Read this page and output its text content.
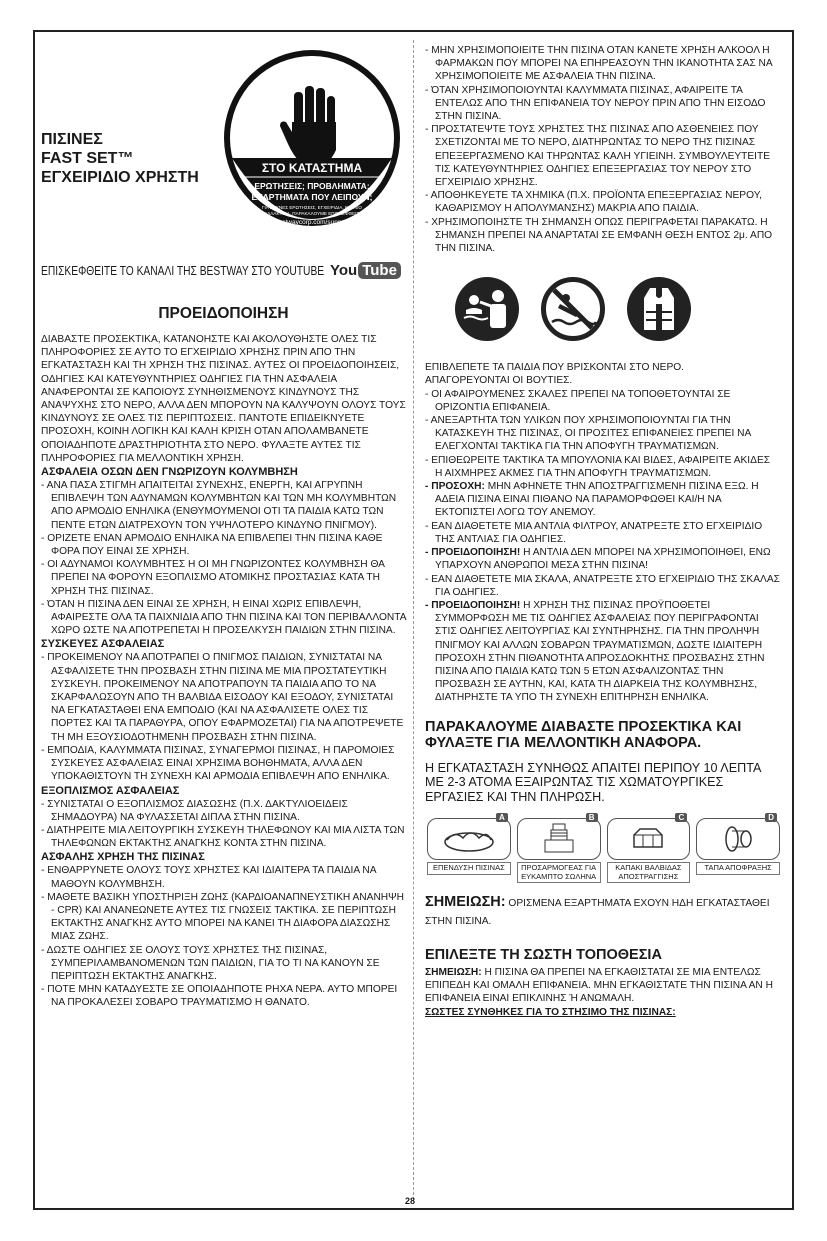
ΠΙΣΙΝΕΣ
FAST SET™
ΕΓΧΕΙΡΙΔΙΟ ΧΡΗΣΤΗ
ΜΗΝ ΕΠΙΣΤΡΕΦΕΤΕ
ΣΤΟ ΚΑΤΑΣΤΗΜΑ
ΕΡΩΤΗΣΕΙΣ; ΠΡΟΒΛΗΜΑΤΑ;
ΕΞΑΡΤΗΜΑΤΑ ΠΟΥ ΛΕΙΠΟΥΝ;
ΓΙΑ ΣΥΧΝΕΣ ΕΡΩΤΗΣΕΙΣ, ΕΓΧΕΙΡΙΔΙΑ, ΒΙΝΤΕΟ
Η ΑΝΤΑΛΛΑΚΤΙΚΑ, ΠΑΡΑΚΑΛΟΥΜΕ ΕΠΙΣΚΕΦΘΕΙΤΕ ΤΗΝ
bestwaycorp.com/support
ΕΠΙΣΚΕΦΘΕΙΤΕ ΤΟ ΚΑΝΑΛΙ ΤΗΣ BESTWAY ΣΤΟ YOUTUBE You Tube
ΠΡΟΕΙΔΟΠΟΙΗΣΗ

ΔΙΑΒΑΣΤΕ ΠΡΟΣΕΚΤΙΚΑ, ΚΑΤΑΝΟΗΣΤΕ ΚΑΙ ΑΚΟΛΟΥΘΗΣΤΕ ΟΛΕΣ ΤΙΣ ΠΛΗΡΟΦΟΡΙΕΣ ΣΕ ΑΥΤΟ ΤΟ ΕΓΧΕΙΡΙΔΙΟ ΧΡΗΣΗΣ ΠΡΙΝ ΑΠΟ ΤΗΝ ΕΓΚΑΤΑΣΤΑΣΗ ΚΑΙ ΤΗ ΧΡΗΣΗ ΤΗΣ ΠΙΣΙΝΑΣ. ΑΥΤΕΣ ΟΙ ΠΡΟΕΙΔΟΠΟΙΗΣΕΙΣ, ΟΔΗΓΙΕΣ ΚΑΙ ΚΑΤΕΥΘΥΝΤΗΡΙΕΣ ΟΔΗΓΙΕΣ ΓΙΑ ΤΗΝ ΑΣΦΑΛΕΙΑ ΑΝΑΦΕΡΟΝΤΑΙ ΣΕ ΚΑΠΟΙΟΥΣ ΣΥΝΗΘΙΣΜΕΝΟΥΣ ΚΙΝΔΥΝΟΥΣ ΤΗΣ ΑΝΑΨΥΧΗΣ ΣΤΟ ΝΕΡΟ, ΑΛΛΑ ΔΕΝ ΜΠΟΡΟΥΝ ΝΑ ΚΑΛΥΨΟΥΝ ΟΛΟΥΣ ΤΟΥΣ ΚΙΝΔΥΝΟΥΣ ΣΕ ΟΛΕΣ ΤΙΣ ΠΕΡΙΠΤΩΣΕΙΣ. ΠΑΝΤΟΤΕ ΕΠΙΔΕΙΚΝΥΕΤΕ ΠΡΟΣΟΧΗ, ΚΟΙΝΗ ΛΟΓΙΚΗ ΚΑΙ ΚΑΛΗ ΚΡΙΣΗ ΟΤΑΝ ΑΠΟΛΑΜΒΑΝΕΤΕ ΟΠΟΙΑΔΗΠΟΤΕ ΔΡΑΣΤΗΡΙΟΤΗΤΑ ΣΤΟ ΝΕΡΟ. ΦΥΛΑΞΤΕ ΑΥΤΕΣ ΤΙΣ ΠΛΗΡΟΦΟΡΙΕΣ ΓΙΑ ΜΕΛΛΟΝΤΙΚΗ ΧΡΗΣΗ.

ΑΣΦΑΛΕΙΑ ΟΣΩΝ ΔΕΝ ΓΝΩΡΙΖΟΥΝ ΚΟΛΥΜΒΗΣΗ

- ΑΝΑ ΠΑΣΑ ΣΤΙΓΜΗ ΑΠΑΙΤΕΙΤΑΙ ΣΥΝΕΧΗΣ, ΕΝΕΡΓΗ, ΚΑΙ ΑΓΡΥΠΝΗ ΕΠΙΒΛΕΨΗ ΤΩΝ ΑΔΥΝΑΜΩΝ ΚΟΛΥΜΒΗΤΩΝ ΚΑΙ ΤΩΝ ΜΗ ΚΟΛΥΜΒΗΤΩΝ ΑΠΟ ΑΡΜΟΔΙΟ ΕΝΗΛΙΚΑ (ΕΝΘΥΜΟΥΜΕΝΟΙ ΟΤΙ ΤΑ ΠΑΙΔΙΑ ΚΑΤΩ ΤΩΝ ΠΕΝΤΕ ΕΤΩΝ ΔΙΑΤΡΕΧΟΥΝ ΤΟΝ ΥΨΗΛΟΤΕΡΟ ΚΙΝΔΥΝΟ ΠΝΙΓΜΟΥ).

- ΟΡΙΖΕΤΕ ΕΝΑΝ ΑΡΜΟΔΙΟ ΕΝΗΛΙΚΑ ΝΑ ΕΠΙΒΛΕΠΕΙ ΤΗΝ ΠΙΣΙΝΑ ΚΑΘΕ ΦΟΡΑ ΠΟΥ ΕΙΝΑΙ ΣΕ ΧΡΗΣΗ.

- ΟΙ ΑΔΥΝΑΜΟΙ ΚΟΛΥΜΒΗΤΕΣ Η ΟΙ ΜΗ ΓΝΩΡΙΖΟΝΤΕΣ ΚΟΛΥΜΒΗΣΗ ΘΑ ΠΡΕΠΕΙ ΝΑ ΦΟΡΟΥΝ ΕΞΟΠΛΙΣΜΟ ΑΤΟΜΙΚΗΣ ΠΡΟΣΤΑΣΙΑΣ ΚΑΤΑ ΤΗ ΧΡΗΣΗ ΤΗΣ ΠΙΣΙΝΑΣ.

- ΌΤΑΝ Η ΠΙΣΙΝΑ ΔΕΝ ΕΙΝΑΙ ΣΕ ΧΡΗΣΗ, Η ΕΙΝΑΙ ΧΩΡΙΣ ΕΠΙΒΛΕΨΗ, ΑΦΑΙΡΕΣΤΕ ΟΛΑ ΤΑ ΠΑΙΧΝΙΔΙΑ ΑΠΟ ΤΗΝ ΠΙΣΙΝΑ ΚΑΙ ΤΟΝ ΠΕΡΙΒΑΛΛΟΝΤΑ ΧΩΡΟ ΩΣΤΕ ΝΑ ΑΠΟΤΡΕΠΕΤΑΙ Η ΠΡΟΣΕΛΚΥΣΗ ΠΑΙΔΙΩΝ ΣΤΗΝ ΠΙΣΙΝΑ.

ΣΥΣΚΕΥΕΣ ΑΣΦΑΛΕΙΑΣ

- ΠΡΟΚΕΙΜΕΝΟΥ ΝΑ ΑΠΟΤΡΑΠΕΙ Ο ΠΝΙΓΜΟΣ ΠΑΙΔΙΩΝ, ΣΥΝΙΣΤΑΤΑΙ ΝΑ ΑΣΦΑΛΙΣΕΤΕ ΤΗΝ ΠΡΟΣΒΑΣΗ ΣΤΗΝ ΠΙΣΙΝΑ ΜΕ ΜΙΑ ΠΡΟΣΤΑΤΕΥΤΙΚΗ ΣΥΣΚΕΥΗ. ΠΡΟΚΕΙΜΕΝΟΥ ΝΑ ΑΠΟΤΡΑΠΟΥΝ ΤΑ ΠΑΙΔΙΑ ΑΠΟ ΤΟ ΝΑ ΣΚΑΡΦΑΛΩΣΟΥΝ ΑΠΟ ΤΗ ΒΑΛΒΙΔΑ ΕΙΣΟΔΟΥ ΚΑΙ ΕΞΟΔΟΥ, ΣΥΝΙΣΤΑΤΑΙ ΝΑ ΕΓΚΑΤΑΣΤΑΘΕΙ ΕΝΑ ΕΜΠΟΔΙΟ (ΚΑΙ ΝΑ ΑΣΦΑΛΙΣΕΤΕ ΟΛΕΣ ΤΙΣ ΠΟΡΤΕΣ ΚΑΙ ΤΑ ΠΑΡΑΘΥΡΑ, ΟΠΟΥ ΕΦΑΡΜΟΖΕΤΑΙ) ΓΙΑ ΝΑ ΑΠΟΤΡΕΨΕΤΕ ΤΗ ΜΗ ΕΞΟΥΣΙΟΔΟΤΗΜΕΝΗ ΠΡΟΣΒΑΣΗ ΣΤΗΝ ΠΙΣΙΝΑ.

- ΕΜΠΟΔΙΑ, ΚΑΛΥΜΜΑΤΑ ΠΙΣΙΝΑΣ, ΣΥΝΑΓΕΡΜΟΙ ΠΙΣΙΝΑΣ, Η ΠΑΡΟΜΟΙΕΣ ΣΥΣΚΕΥΕΣ ΑΣΦΑΛΕΙΑΣ ΕΙΝΑΙ ΧΡΗΣΙΜΑ ΒΟΗΘΗΜΑΤΑ, ΑΛΛΑ ΔΕΝ ΥΠΟΚΑΘΙΣΤΟΥΝ ΤΗ ΣΥΝΕΧΗ ΚΑΙ ΑΡΜΟΔΙΑ ΕΠΙΒΛΕΨΗ ΑΠΟ ΕΝΗΛΙΚΑ.

ΕΞΟΠΛΙΣΜΟΣ ΑΣΦΑΛΕΙΑΣ

- ΣΥΝΙΣΤΑΤΑΙ Ο ΕΞΟΠΛΙΣΜΟΣ ΔΙΑΣΩΣΗΣ (Π.Χ. ΔΑΚΤΥΛΙΟΕΙΔΕΙΣ ΣΗΜΑΔΟΥΡΑ) ΝΑ ΦΥΛΑΣΣΕΤΑΙ ΔΙΠΛΑ ΣΤΗΝ ΠΙΣΙΝΑ.

- ΔΙΑΤΗΡΕΙΤΕ ΜΙΑ ΛΕΙΤΟΥΡΓΙΚΗ ΣΥΣΚΕΥΗ ΤΗΛΕΦΩΝΟΥ ΚΑΙ ΜΙΑ ΛΙΣΤΑ ΤΩΝ ΤΗΛΕΦΩΝΩΝ ΕΚΤΑΚΤΗΣ ΑΝΑΓΚΗΣ ΚΟΝΤΑ ΣΤΗΝ ΠΙΣΙΝΑ.

ΑΣΦΑΛΗΣ ΧΡΗΣΗ ΤΗΣ ΠΙΣΙΝΑΣ

- ΕΝΘΑΡΡΥΝΕΤΕ ΟΛΟΥΣ ΤΟΥΣ ΧΡΗΣΤΕΣ ΚΑΙ ΙΔΙΑΙΤΕΡΑ ΤΑ ΠΑΙΔΙΑ ΝΑ ΜΑΘΟΥΝ ΚΟΛΥΜΒΗΣΗ.

- ΜΑΘΕΤΕ ΒΑΣΙΚΗ ΥΠΟΣΤΗΡΙΞΗ ΖΩΗΣ (ΚΑΡΔΙΟΑΝΑΠΝΕΥΣΤΙΚΗ ΑΝΑΝΗΨΗ - CPR) ΚΑΙ ΑΝΑΝΕΩΝΕΤΕ ΑΥΤΕΣ ΤΙΣ ΓΝΩΣΕΙΣ ΤΑΚΤΙΚΑ. ΣΕ ΠΕΡΙΠΤΩΣΗ ΕΚΤΑΚΤΗΣ ΑΝΑΓΚΗΣ ΑΥΤΟ ΜΠΟΡΕΙ ΝΑ ΚΑΝΕΙ ΤΗ ΔΙΑΦΟΡΑ ΔΙΑΣΩΣΗΣ ΜΙΑΣ ΖΩΗΣ.

- ΔΩΣΤΕ ΟΔΗΓΙΕΣ ΣΕ ΟΛΟΥΣ ΤΟΥΣ ΧΡΗΣΤΕΣ ΤΗΣ ΠΙΣΙΝΑΣ, ΣΥΜΠΕΡΙΛΑΜΒΑΝΟΜΕΝΩΝ ΤΩΝ ΠΑΙΔΙΩΝ, ΓΙΑ ΤΟ ΤΙ ΝΑ ΚΑΝΟΥΝ ΣΕ ΠΕΡΙΠΤΩΣΗ ΕΚΤΑΚΤΗΣ ΑΝΑΓΚΗΣ.

- ΠΟΤΕ ΜΗΝ ΚΑΤΑΔΥΕΣΤΕ ΣΕ ΟΠΟΙΑΔΗΠΟΤΕ ΡΗΧΑ ΝΕΡΑ. ΑΥΤΟ ΜΠΟΡΕΙ ΝΑ ΠΡΟΚΑΛΕΣΕΙ ΣΟΒΑΡΟ ΤΡΑΥΜΑΤΙΣΜΟ Η ΘΑΝΑΤΟ.

- ΜΗΝ ΧΡΗΣΙΜΟΠΟΙΕΙΤΕ ΤΗΝ ΠΙΣΙΝΑ ΟΤΑΝ ΚΑΝΕΤΕ ΧΡΗΣΗ ΑΛΚΟΟΛ Η ΦΑΡΜΑΚΩΝ ΠΟΥ ΜΠΟΡΕΙ ΝΑ ΕΠΗΡΕΑΣΟΥΝ ΤΗΝ ΙΚΑΝΟΤΗΤΑ ΣΑΣ ΝΑ ΧΡΗΣΙΜΟΠΟΙΕΙΤΕ ΜΕ ΑΣΦΑΛΕΙΑ ΤΗΝ ΠΙΣΙΝΑ.

- ΌΤΑΝ ΧΡΗΣΙΜΟΠΟΙΟΥΝΤΑΙ ΚΑΛΥΜΜΑΤΑ ΠΙΣΙΝΑΣ, ΑΦΑΙΡΕΙΤΕ ΤΑ ΕΝΤΕΛΩΣ ΑΠΟ ΤΗΝ ΕΠΙΦΑΝΕΙΑ ΤΟΥ ΝΕΡΟΥ ΠΡΙΝ ΑΠΟ ΤΗΝ ΕΙΣΟΔΟ ΣΤΗΝ ΠΙΣΙΝΑ.

- ΠΡΟΣΤΑΤΕΨΤΕ ΤΟΥΣ ΧΡΗΣΤΕΣ ΤΗΣ ΠΙΣΙΝΑΣ ΑΠΟ ΑΣΘΕΝΕΙΕΣ ΠΟΥ ΣΧΕΤΙΖΟΝΤΑΙ ΜΕ ΤΟ ΝΕΡΟ, ΔΙΑΤΗΡΩΝΤΑΣ ΤΟ ΝΕΡΟ ΤΗΣ ΠΙΣΙΝΑΣ ΕΠΕΞΕΡΓΑΣΜΕΝΟ ΚΑΙ ΤΗΡΩΝΤΑΣ ΚΑΛΗ ΥΓΙΕΙΝΗ. ΣΥΜΒΟΥΛΕΥΤΕΙΤΕ ΤΙΣ ΚΑΤΕΥΘΥΝΤΗΡΙΕΣ ΟΔΗΓΙΕΣ ΕΠΕΞΕΡΓΑΣΙΑΣ ΤΟΥ ΝΕΡΟΥ ΣΤΟ ΕΓΧΕΙΡΙΔΙΟ ΧΡΗΣΗΣ.

- ΑΠΟΘΗΚΕΥΕΤΕ ΤΑ ΧΗΜΙΚΑ (Π.Χ. ΠΡΟΪΟΝΤΑ ΕΠΕΞΕΡΓΑΣΙΑΣ ΝΕΡΟΥ, ΚΑΘΑΡΙΣΜΟΥ Η ΑΠΟΛΥΜΑΝΣΗΣ) ΜΑΚΡΙΑ ΑΠΟ ΠΑΙΔΙΑ.

- ΧΡΗΣΙΜΟΠΟΙΗΣΤΕ ΤΗ ΣΗΜΑΝΣΗ ΟΠΩΣ ΠΕΡΙΓΡΑΦΕΤΑΙ ΠΑΡΑΚΑΤΩ. Η ΣΗΜΑΝΣΗ ΠΡΕΠΕΙ ΝΑ ΑΝΑΡΤΑΤΑΙ ΣΕ ΕΜΦΑΝΗ ΘΕΣΗ ΕΝΤΟΣ 2μ. ΑΠΟ ΤΗΝ ΠΙΣΙΝΑ.

ΕΠΙΒΛΕΠΕΤΕ ΤΑ ΠΑΙΔΙΑ ΠΟΥ ΒΡΙΣΚΟΝΤΑΙ ΣΤΟ ΝΕΡΟ.

ΑΠΑΓΟΡΕΥΟΝΤΑΙ ΟΙ ΒΟΥΤΙΕΣ.

- ΟΙ ΑΦΑΙΡΟΥΜΕΝΕΣ ΣΚΑΛΕΣ ΠΡΕΠΕΙ ΝΑ ΤΟΠΟΘΕΤΟΥΝΤΑΙ ΣΕ ΟΡΙΖΟΝΤΙΑ ΕΠΙΦΑΝΕΙΑ.

- ΑΝΕΞΑΡΤΗΤΑ ΤΩΝ ΥΛΙΚΩΝ ΠΟΥ ΧΡΗΣΙΜΟΠΟΙΟΥΝΤΑΙ ΓΙΑ ΤΗΝ ΚΑΤΑΣΚΕΥΗ ΤΗΣ ΠΙΣΙΝΑΣ, ΟΙ ΠΡΟΣΙΤΕΣ ΕΠΙΦΑΝΕΙΕΣ ΠΡΕΠΕΙ ΝΑ ΕΛΕΓΧΟΝΤΑΙ ΤΑΚΤΙΚΑ ΓΙΑ ΤΗΝ ΑΠΟΦΥΓΗ ΤΡΑΥΜΑΤΙΣΜΩΝ.

- ΕΠΙΘΕΩΡΕΙΤΕ ΤΑΚΤΙΚΑ ΤΑ ΜΠΟΥΛΟΝΙΑ ΚΑΙ ΒΙΔΕΣ, ΑΦΑΙΡΕΙΤΕ ΑΚΙΔΕΣ Η ΑΙΧΜΗΡΕΣ ΑΚΜΕΣ ΓΙΑ ΤΗΝ ΑΠΟΦΥΓΗ ΤΡΑΥΜΑΤΙΣΜΩΝ.

- ΠΡΟΣΟΧΗ: ΜΗΝ ΑΦΗΝΕΤΕ ΤΗΝ ΑΠΟΣΤΡΑΓΓΙΣΜΕΝΗ ΠΙΣΙΝΑ ΕΞΩ. Η ΑΔΕΙΑ ΠΙΣΙΝΑ ΕΙΝΑΙ ΠΙΘΑΝΟ ΝΑ ΠΑΡΑΜΟΡΦΩΘΕΙ ΚΑΙ/Η ΝΑ ΕΚΤΟΠΙΣΤΕΙ ΛΟΓΩ ΤΟΥ ΑΝΕΜΟΥ.

- ΕΑΝ ΔΙΑΘΕΤΕΤΕ ΜΙΑ ΑΝΤΛΙΑ ΦΙΛΤΡΟΥ, ΑΝΑΤΡΕΞΤΕ ΣΤΟ ΕΓΧΕΙΡΙΔΙΟ ΤΗΣ ΑΝΤΛΙΑΣ ΓΙΑ ΟΔΗΓΙΕΣ.

- ΠΡΟΕΙΔΟΠΟΙΗΣΗ! Η ΑΝΤΛΙΑ ΔΕΝ ΜΠΟΡΕΙ ΝΑ ΧΡΗΣΙΜΟΠΟΙΗΘΕΙ, ΕΝΩ ΥΠΑΡΧΟΥΝ ΑΝΘΡΩΠΟΙ ΜΕΣΑ ΣΤΗΝ ΠΙΣΙΝΑ!

- ΕΑΝ ΔΙΑΘΕΤΕΤΕ ΜΙΑ ΣΚΑΛΑ, ΑΝΑΤΡΕΞΤΕ ΣΤΟ ΕΓΧΕΙΡΙΔΙΟ ΤΗΣ ΣΚΑΛΑΣ ΓΙΑ ΟΔΗΓΙΕΣ.

- ΠΡΟΕΙΔΟΠΟΙΗΣΗ! Η ΧΡΗΣΗ ΤΗΣ ΠΙΣΙΝΑΣ ΠΡΟΫΠΟΘΕΤΕΙ ΣΥΜΜΟΡΦΩΣΗ ΜΕ ΤΙΣ ΟΔΗΓΙΕΣ ΑΣΦΑΛΕΙΑΣ ΠΟΥ ΠΕΡΙΓΡΑΦΟΝΤΑΙ ΣΤΙΣ ΟΔΗΓΙΕΣ ΛΕΙΤΟΥΡΓΙΑΣ ΚΑΙ ΣΥΝΤΗΡΗΣΗΣ. ΓΙΑ ΤΗΝ ΠΡΟΛΗΨΗ ΠΝΙΓΜΟΥ ΚΑΙ ΑΛΛΩΝ ΣΟΒΑΡΩΝ ΤΡΑΥΜΑΤΙΣΜΩΝ, ΔΩΣΤΕ ΙΔΙΑΙΤΕΡΗ ΠΡΟΣΟΧΗ ΣΤΗΝ ΠΙΘΑΝΟΤΗΤΑ ΑΠΡΟΣΔΟΚΗΤΗΣ ΠΡΟΣΒΑΣΗΣ ΣΤΗΝ ΠΙΣΙΝΑ ΑΠΟ ΠΑΙΔΙΑ ΚΑΤΩ ΤΩΝ 5 ΕΤΩΝ ΑΣΦΑΛΙΖΟΝΤΑΣ ΤΗΝ ΠΡΟΣΒΑΣΗ ΣΕ ΑΥΤΗΝ, ΚΑΙ, ΚΑΤΑ ΤΗ ΔΙΑΡΚΕΙΑ ΤΗΣ ΚΟΛΥΜΒΗΣΗΣ, ΔΙΑΤΗΡΗΣΤΕ ΤΑ ΥΠΟ ΤΗ ΣΥΝΕΧΗ ΕΠΙΤΗΡΗΣΗ ΕΝΗΛΙΚΑ.

ΠΑΡΑΚΑΛΟΥΜΕ ΔΙΑΒΑΣΤΕ ΠΡΟΣΕΚΤΙΚΑ ΚΑΙ ΦΥΛΑΞΤΕ ΓΙΑ ΜΕΛΛΟΝΤΙΚΗ ΑΝΑΦΟΡΑ.

Η ΕΓΚΑΤΑΣΤΑΣΗ ΣΥΝΗΘΩΣ ΑΠΑΙΤΕΙ ΠΕΡΙΠΟΥ 10 ΛΕΠΤΑ ΜΕ 2-3 ΑΤΟΜΑ ΕΞΑΙΡΩΝΤΑΣ ΤΙΣ ΧΩΜΑΤΟΥΡΓΙΚΕΣ ΕΡΓΑΣΙΕΣ ΚΑΙ ΤΗΝ ΠΛΗΡΩΣΗ.

A
ΕΠΕΝΔΥΣΗ ΠΙΣΙΝΑΣ
B
ΠΡΟΣΑΡΜΟΓΕΑΣ ΓΙΑ ΕΥΚΑΜΠΤΟ ΣΩΛΗΝΑ
C
ΚΑΠΑΚΙ ΒΑΛΒΙΔΑΣ ΑΠΟΣΤΡΑΓΓΙΣΗΣ
D
ΤΑΠΑ ΑΠΟΦΡΑΞΗΣ
ΣΗΜΕΙΩΣΗ: ΟΡΙΣΜΕΝΑ ΕΞΑΡΤΗΜΑΤΑ ΕΧΟΥΝ ΗΔΗ ΕΓΚΑΤΑΣΤΑΘΕΙ ΣΤΗΝ ΠΙΣΙΝΑ.
ΕΠΙΛΕΞΤΕ ΤΗ ΣΩΣΤΗ ΤΟΠΟΘΕΣΙΑ

ΣΗΜΕΙΩΣΗ: Η ΠΙΣΙΝΑ ΘΑ ΠΡΕΠΕΙ ΝΑ ΕΓΚΑΘΙΣΤΑΤΑΙ ΣΕ ΜΙΑ ΕΝΤΕΛΩΣ ΕΠΙΠΕΔΗ ΚΑΙ ΟΜΑΛΗ ΕΠΙΦΑΝΕΙΑ. ΜΗΝ ΕΓΚΑΘΙΣΤΑΤΕ ΤΗΝ ΠΙΣΙΝΑ ΑΝ Η ΕΠΙΦΑΝΕΙΑ ΕΙΝΑΙ ΕΠΙΚΛΙΝΗΣ Ή ΑΝΩΜΑΛΗ.

ΣΩΣΤΕΣ ΣΥΝΘΗΚΕΣ ΓΙΑ ΤΟ ΣΤΗΣΙΜΟ ΤΗΣ ΠΙΣΙΝΑΣ:

28
